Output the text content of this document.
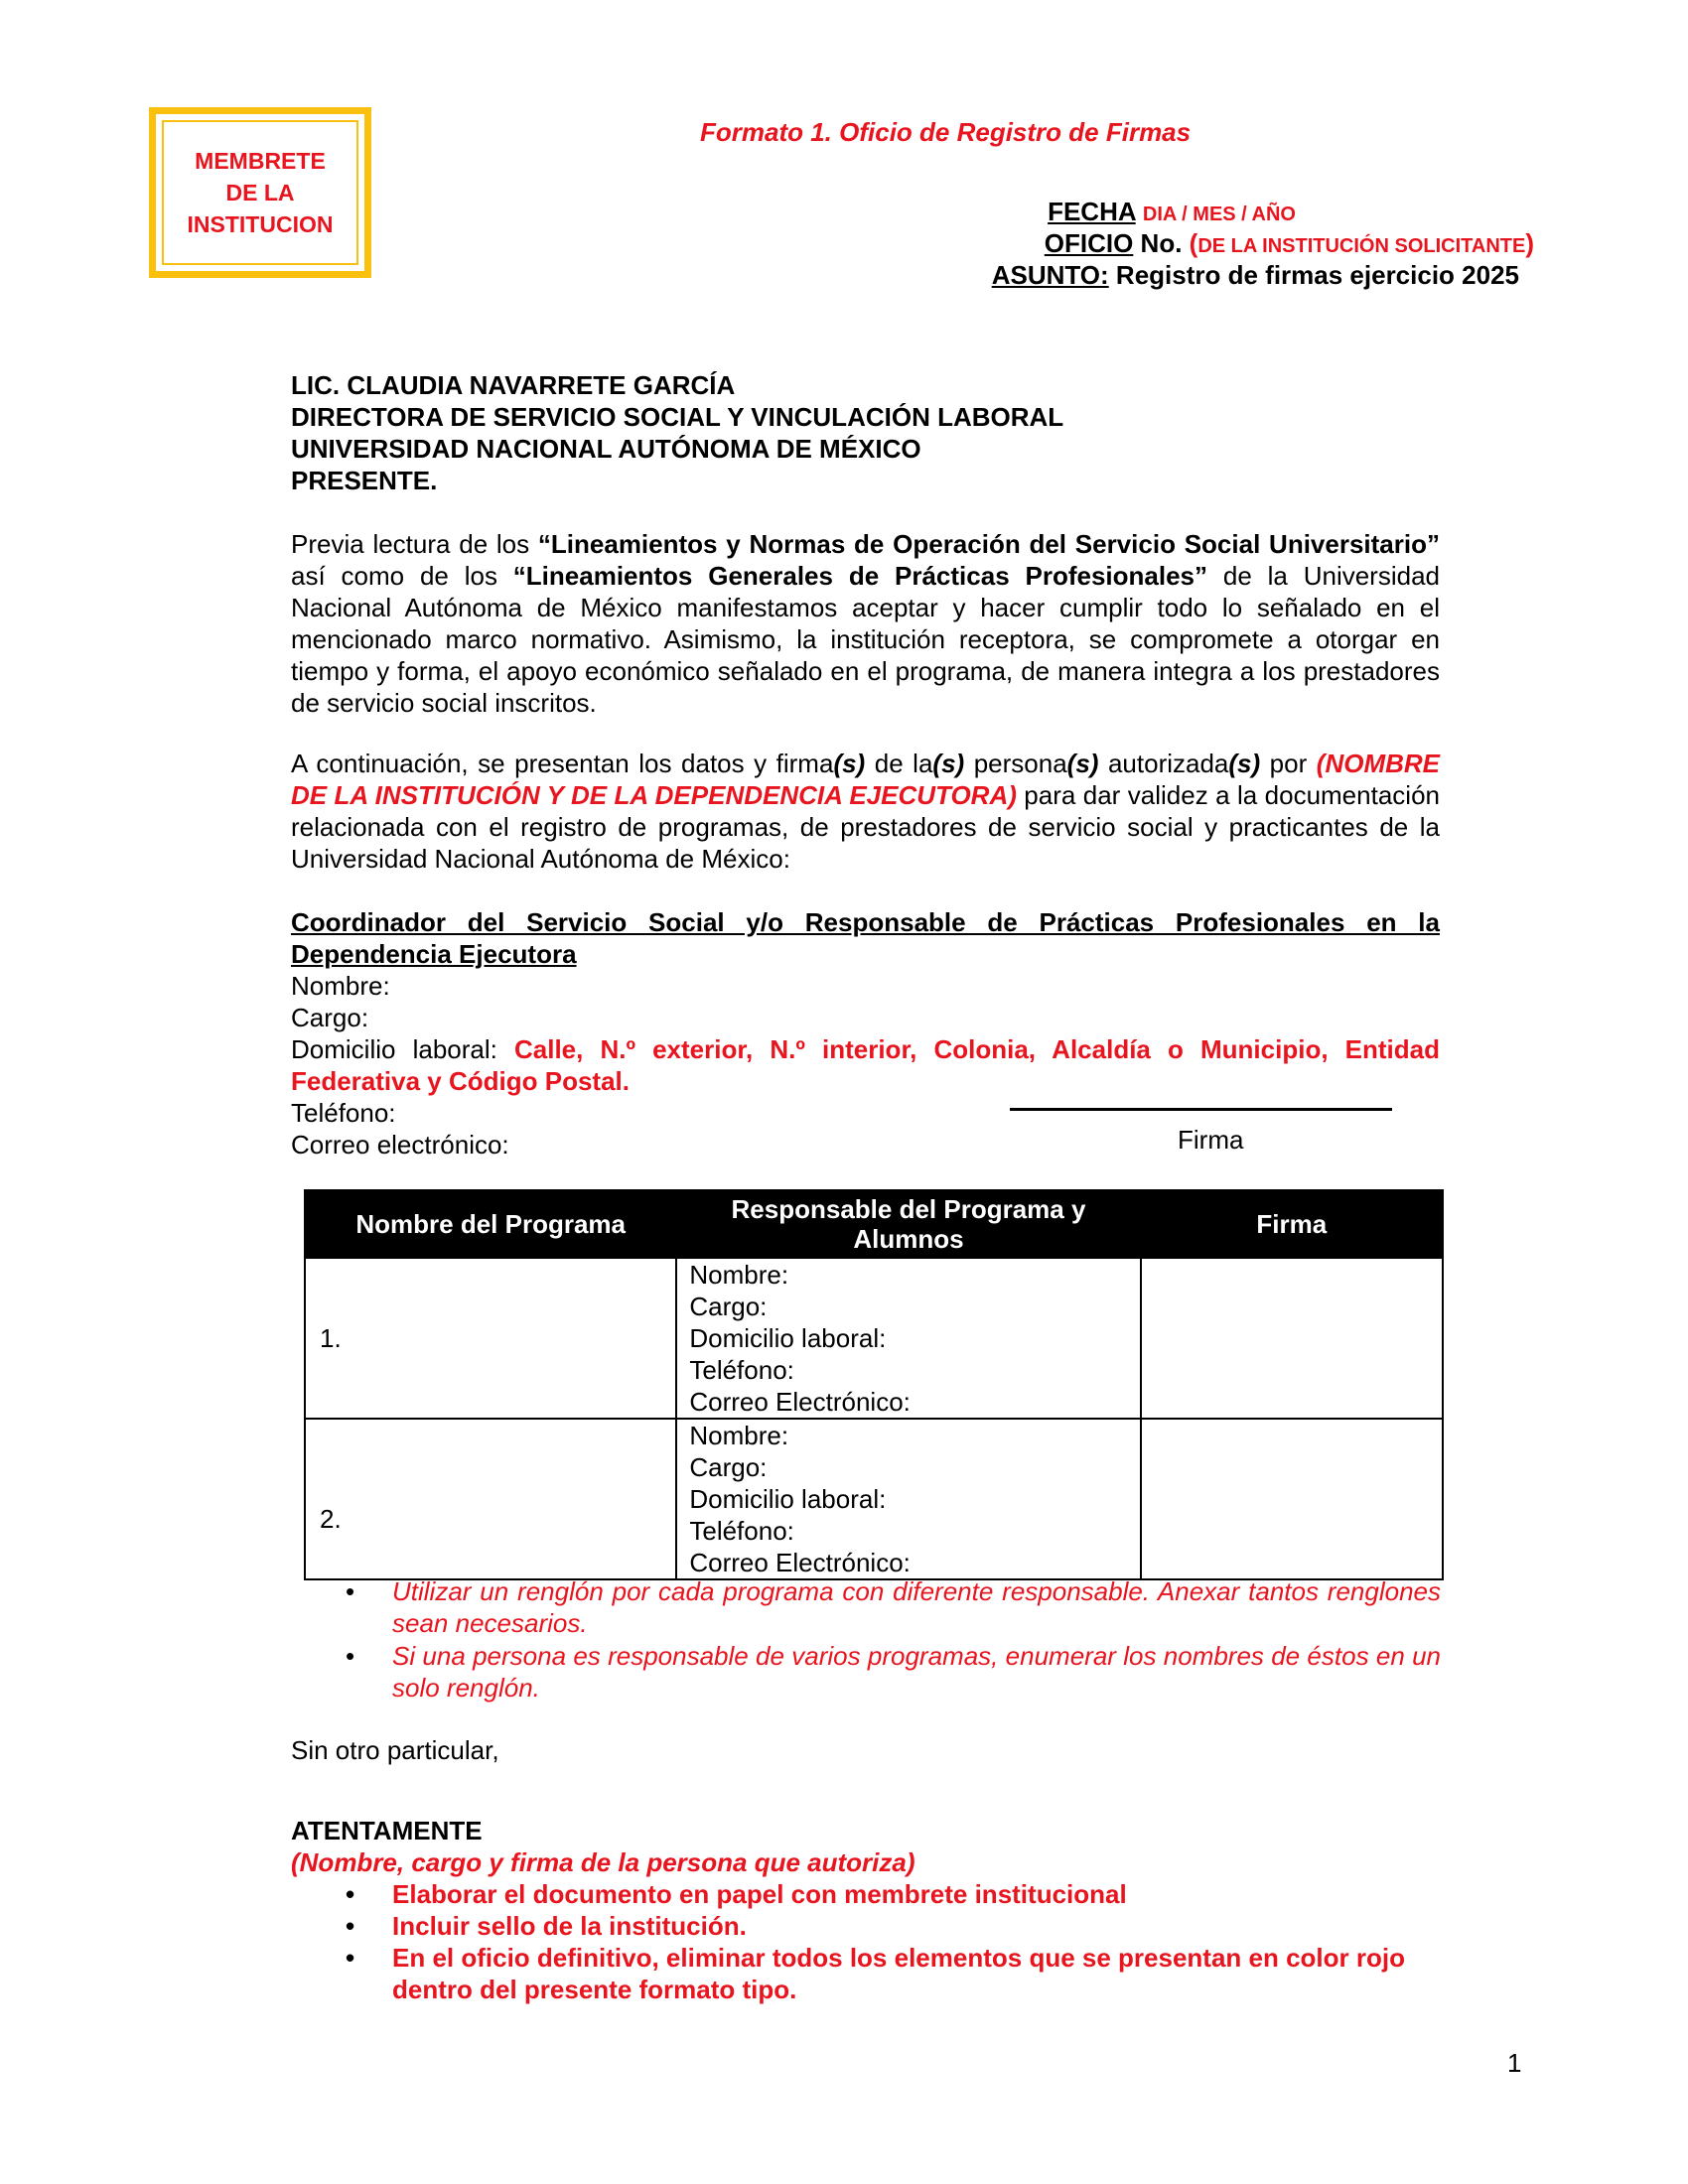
MEMBRETE
DE LA
INSTITUCION
Formato 1. Oficio de Registro de Firmas
FECHA DIA / MES / AÑO
OFICIO No. (DE LA INSTITUCIÓN SOLICITANTE)
ASUNTO: Registro de firmas ejercicio 2025
LIC. CLAUDIA NAVARRETE GARCÍA
DIRECTORA DE SERVICIO SOCIAL Y VINCULACIÓN LABORAL
UNIVERSIDAD NACIONAL AUTÓNOMA DE MÉXICO
PRESENTE.
Previa lectura de los “Lineamientos y Normas de Operación del Servicio Social Universitario” así como de los “Lineamientos Generales de Prácticas Profesionales” de la Universidad Nacional Autónoma de México manifestamos aceptar y hacer cumplir todo lo señalado en el mencionado marco normativo. Asimismo, la institución receptora, se compromete a otorgar en tiempo y forma, el apoyo económico señalado en el programa, de manera integra a los prestadores de servicio social inscritos.
A continuación, se presentan los datos y firma(s) de la(s) persona(s) autorizada(s) por (NOMBRE DE LA INSTITUCIÓN Y DE LA DEPENDENCIA EJECUTORA) para dar validez a la documentación relacionada con el registro de programas, de prestadores de servicio social y practicantes de la Universidad Nacional Autónoma de México:
Coordinador del Servicio Social y/o Responsable de Prácticas Profesionales en la Dependencia Ejecutora
Nombre:
Cargo:
Domicilio laboral: Calle, N.º exterior, N.º interior, Colonia, Alcaldía o Municipio, Entidad Federativa y Código Postal.
Teléfono:
Correo electrónico:	Firma
Nombre del Programa	Responsable del Programa y Alumnos	Firma
1.	Nombre:
Cargo:
Domicilio laboral:
Teléfono:
Correo Electrónico:	

2.	Nombre:
Cargo:
Domicilio laboral:
Teléfono:
Correo Electrónico:	

• Utilizar un renglón por cada programa con diferente responsable. Anexar tantos renglones sean necesarios.
• Si una persona es responsable de varios programas, enumerar los nombres de éstos en un solo renglón.
Sin otro particular,
ATENTAMENTE
(Nombre, cargo y firma de la persona que autoriza)
• Elaborar el documento en papel con membrete institucional
• Incluir sello de la institución.
• En el oficio definitivo, eliminar todos los elementos que se presentan en color rojo dentro del presente formato tipo.
1
